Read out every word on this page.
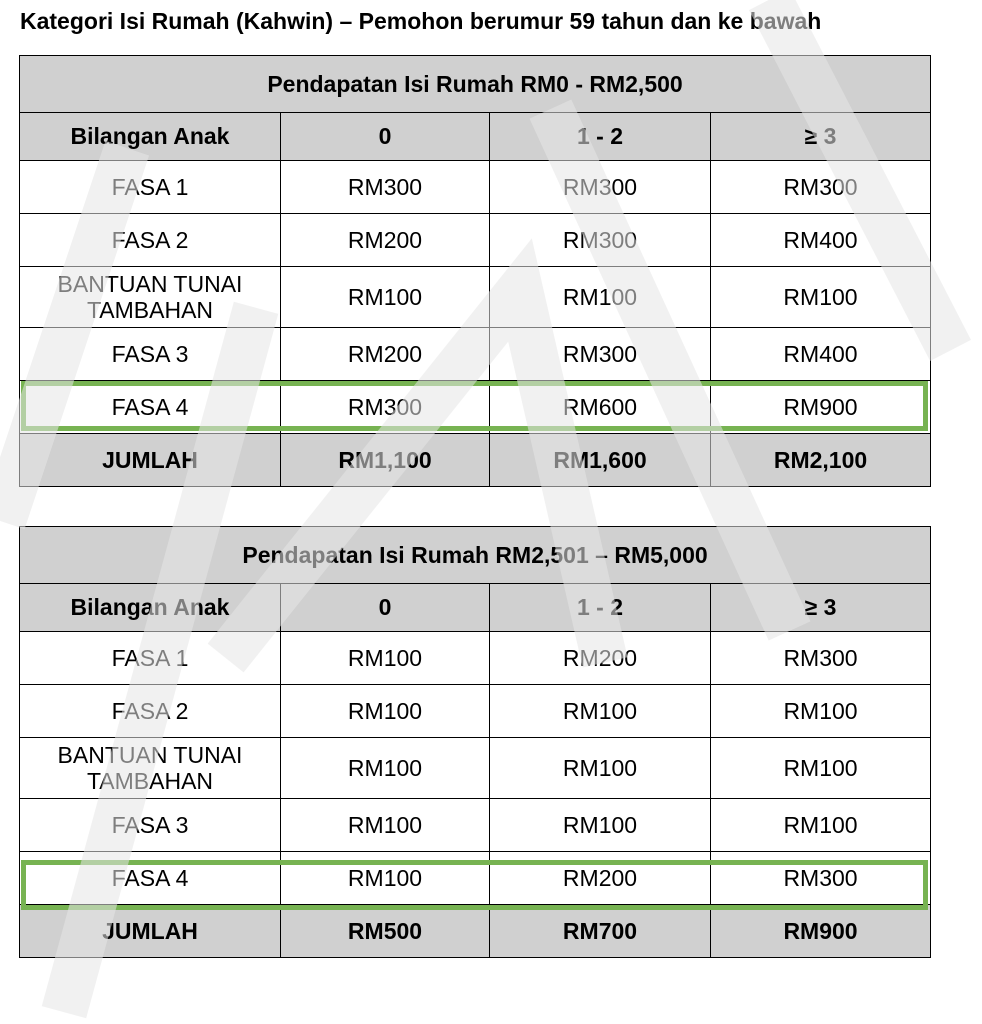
Kategori Isi Rumah (Kahwin) – Pemohon berumur 59 tahun dan ke bawah
Pendapatan Isi Rumah RM0 - RM2,500			
Bilangan Anak	0	1 - 2	≥ 3
FASA 1	RM300	RM300	RM300
FASA 2	RM200	RM300	RM400
BANTUAN TUNAI TAMBAHAN	RM100	RM100	RM100
FASA 3	RM200	RM300	RM400
FASA 4	RM300	RM600	RM900
JUMLAH	RM1,100	RM1,600	RM2,100
Pendapatan Isi Rumah RM2,501 – RM5,000			
Bilangan Anak	0	1 - 2	≥ 3
FASA 1	RM100	RM200	RM300
FASA 2	RM100	RM100	RM100
BANTUAN TUNAI TAMBAHAN	RM100	RM100	RM100
FASA 3	RM100	RM100	RM100
FASA 4	RM100	RM200	RM300
JUMLAH	RM500	RM700	RM900
